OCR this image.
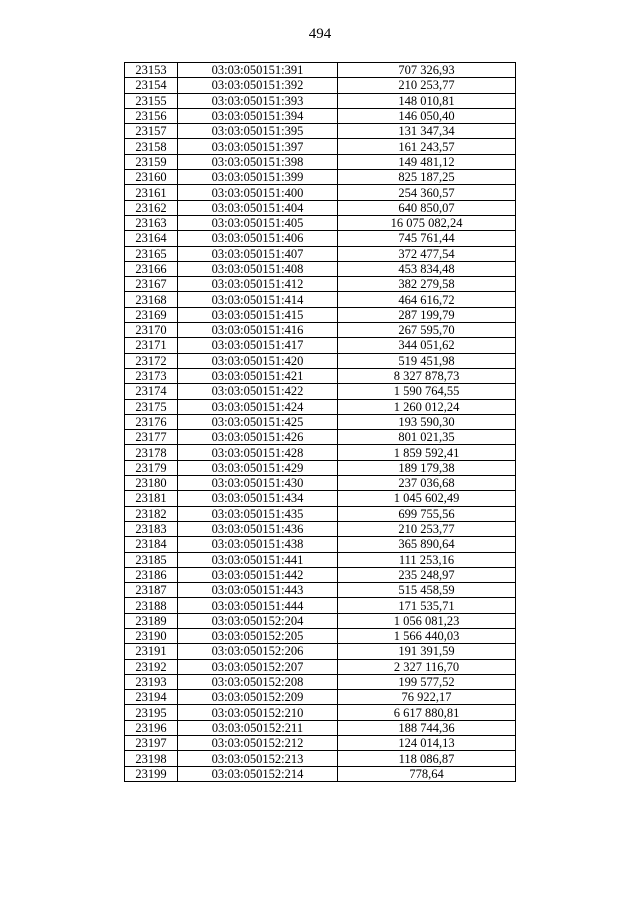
494
23153	03:03:050151:391	707 326,93
23154	03:03:050151:392	210 253,77
23155	03:03:050151:393	148 010,81
23156	03:03:050151:394	146 050,40
23157	03:03:050151:395	131 347,34
23158	03:03:050151:397	161 243,57
23159	03:03:050151:398	149 481,12
23160	03:03:050151:399	825 187,25
23161	03:03:050151:400	254 360,57
23162	03:03:050151:404	640 850,07
23163	03:03:050151:405	16 075 082,24
23164	03:03:050151:406	745 761,44
23165	03:03:050151:407	372 477,54
23166	03:03:050151:408	453 834,48
23167	03:03:050151:412	382 279,58
23168	03:03:050151:414	464 616,72
23169	03:03:050151:415	287 199,79
23170	03:03:050151:416	267 595,70
23171	03:03:050151:417	344 051,62
23172	03:03:050151:420	519 451,98
23173	03:03:050151:421	8 327 878,73
23174	03:03:050151:422	1 590 764,55
23175	03:03:050151:424	1 260 012,24
23176	03:03:050151:425	193 590,30
23177	03:03:050151:426	801 021,35
23178	03:03:050151:428	1 859 592,41
23179	03:03:050151:429	189 179,38
23180	03:03:050151:430	237 036,68
23181	03:03:050151:434	1 045 602,49
23182	03:03:050151:435	699 755,56
23183	03:03:050151:436	210 253,77
23184	03:03:050151:438	365 890,64
23185	03:03:050151:441	111 253,16
23186	03:03:050151:442	235 248,97
23187	03:03:050151:443	515 458,59
23188	03:03:050151:444	171 535,71
23189	03:03:050152:204	1 056 081,23
23190	03:03:050152:205	1 566 440,03
23191	03:03:050152:206	191 391,59
23192	03:03:050152:207	2 327 116,70
23193	03:03:050152:208	199 577,52
23194	03:03:050152:209	76 922,17
23195	03:03:050152:210	6 617 880,81
23196	03:03:050152:211	188 744,36
23197	03:03:050152:212	124 014,13
23198	03:03:050152:213	118 086,87
23199	03:03:050152:214	778,64
